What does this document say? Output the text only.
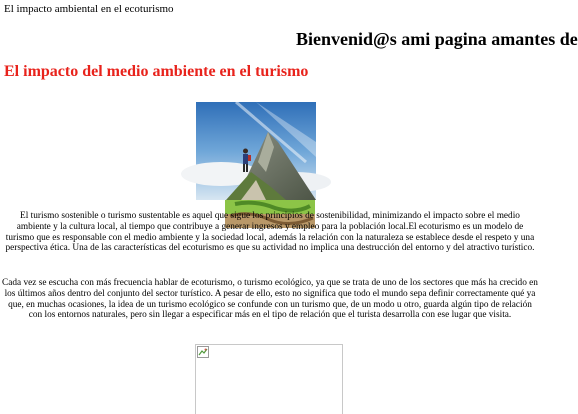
El impacto ambiental en el ecoturismo
Bienvenid@s ami pagina amantes de
El impacto del medio ambiente en el turismo

El turismo sostenible o turismo sustentable es aquel que sigue los principios de sostenibilidad, minimizando el impacto sobre el medio ambiente y la cultura local, al tiempo que contribuye a generar ingresos y empleo para la población local.El ecoturismo es un modelo de turismo que es responsable con el medio ambiente y la sociedad local, además la relación con la naturaleza se establece desde el respeto y una perspectiva ética. Una de las características del ecoturismo es que su actividad no implica una destrucción del entorno y del atractivo turístico.

Cada vez se escucha con más frecuencia hablar de ecoturismo, o turismo ecológico, ya que se trata de uno de los sectores que más ha crecido en los últimos años dentro del conjunto del sector turístico. A pesar de ello, esto no significa que todo el mundo sepa definir correctamente qué ya que, en muchas ocasiones, la idea de un turismo ecológico se confunde con un turismo que, de un modo u otro, guarda algún tipo de relación con los entornos naturales, pero sin llegar a especificar más en el tipo de relación que el turista desarrolla con ese lugar que visita.
